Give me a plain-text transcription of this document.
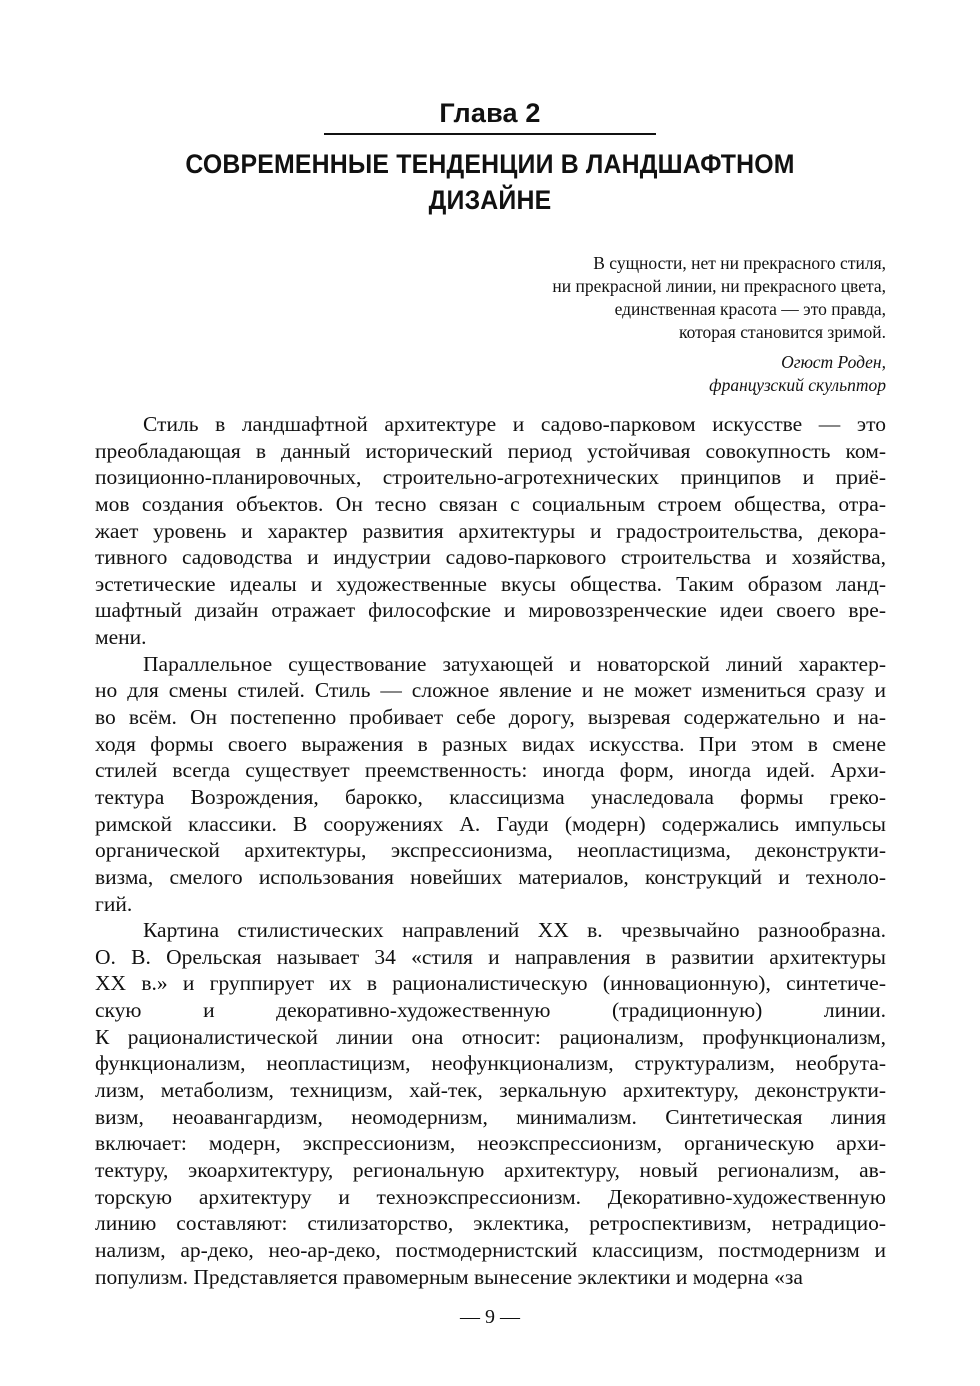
Глава 2
СОВРЕМЕННЫЕ ТЕНДЕНЦИИ В ЛАНДШАФТНОМ
ДИЗАЙНЕ
В сущности, нет ни прекрасного стиля,
ни прекрасной линии, ни прекрасного цвета,
единственная красота — это правда,
которая становится зримой.
Огюст Роден,
французский скульптор
Стиль в ландшафтной архитектуре и садово-парковом искусстве — это
преобладающая в данный исторический период устойчивая совокупность ком-
позиционно-планировочных, строительно-агротехнических принципов и приё-
мов создания объектов. Он тесно связан с социальным строем общества, отра-
жает уровень и характер развития архитектуры и градостроительства, декора-
тивного садоводства и индустрии садово-паркового строительства и хозяйства,
эстетические идеалы и художественные вкусы общества. Таким образом ланд-
шафтный дизайн отражает философские и мировоззренческие идеи своего вре-
мени.
Параллельное существование затухающей и новаторской линий характер-
но для смены стилей. Стиль — сложное явление и не может измениться сразу и
во всём. Он постепенно пробивает себе дорогу, вызревая содержательно и на-
ходя формы своего выражения в разных видах искусства. При этом в смене
стилей всегда существует преемственность: иногда форм, иногда идей. Архи-
тектура Возрождения, барокко, классицизма унаследовала формы греко-
римской классики. В сооружениях А. Гауди (модерн) содержались импульсы
органической архитектуры, экспрессионизма, неопластицизма, деконструкти-
визма, смелого использования новейших материалов, конструкций и техноло-
гий.
Картина стилистических направлений XX в. чрезвычайно разнообразна.
О. В. Орельская называет 34 «стиля и направления в развитии архитектуры
XX в.» и группирует их в рационалистическую (инновационную), синтетиче-
скую и декоративно-художественную (традиционную) линии.
К рационалистической линии она относит: рационализм, профункционализм,
функционализм, неопластицизм, неофункционализм, структурализм, необрута-
лизм, метаболизм, техницизм, хай-тек, зеркальную архитектуру, деконструкти-
визм, неоавангардизм, неомодернизм, минимализм. Синтетическая линия
включает: модерн, экспрессионизм, неоэкспрессионизм, органическую архи-
тектуру, экоархитектуру, региональную архитектуру, новый регионализм, ав-
торскую архитектуру и техноэкспрессионизм. Декоративно-художественную
линию составляют: стилизаторство, эклектика, ретроспективизм, нетрадицио-
нализм, ар-деко, нео-ар-деко, постмодернистский классицизм, постмодернизм и
популизм. Представляется правомерным вынесение эклектики и модерна «за
— 9 —
